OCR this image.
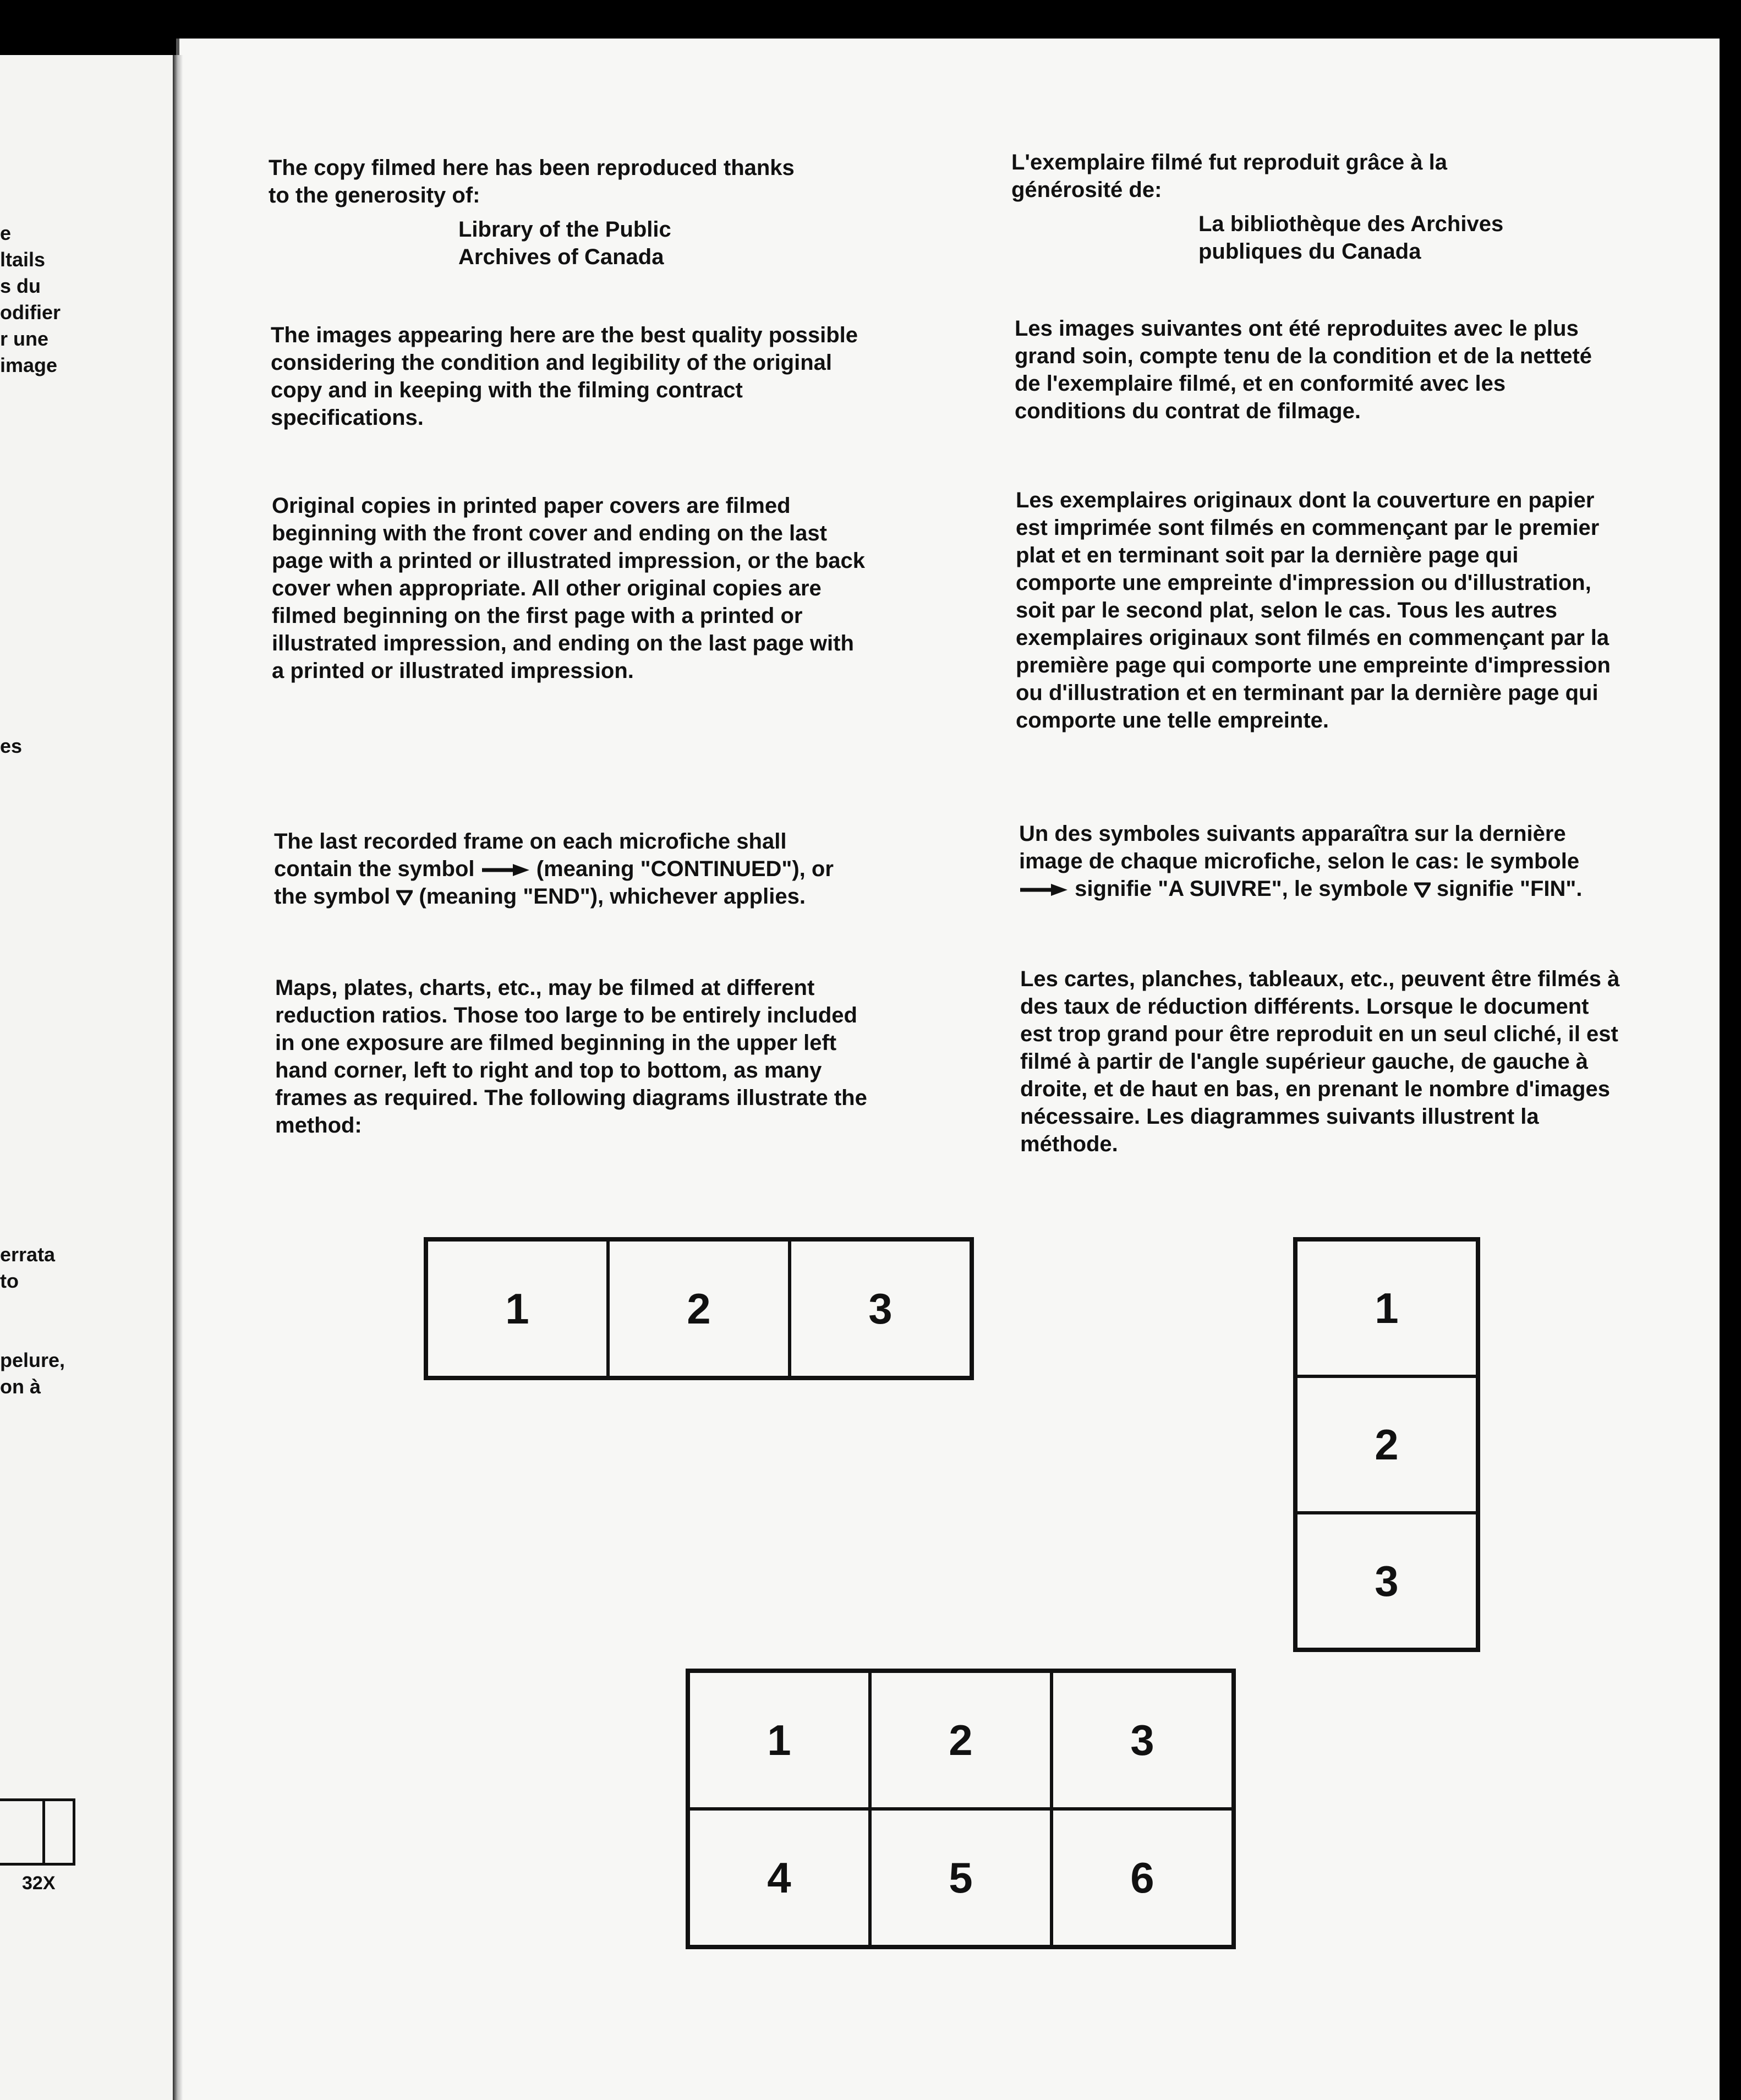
e
ltails
s du
odifier
r une
image
es
errata
to
pelure,
on à
32X

The copy filmed here has been reproduced thanks

to the generosity of:

Library of the Public

Archives of Canada

The images appearing here are the best quality possible considering the condition and legibility of the original copy and in keeping with the filming contract specifications.
Original copies in printed paper covers are filmed beginning with the front cover and ending on the last page with a printed or illustrated impression, or the back cover when appropriate. All other original copies are filmed beginning on the first page with a printed or illustrated impression, and ending on the last page with a printed or illustrated impression.
The last recorded frame on each microfiche shall contain the symbol	(meaning "CONTINUED"), or the symbol (meaning "END"), whichever applies.
Maps, plates, charts, etc., may be filmed at different reduction ratios. Those too large to be entirely included in one exposure are filmed beginning in the upper left hand corner, left to right and top to bottom, as many frames as required. The following diagrams illustrate the method:

L'exemplaire filmé fut reproduit grâce à la

générosité de:

La bibliothèque des Archives

publiques du Canada

Les images suivantes ont été reproduites avec le plus grand soin, compte tenu de la condition et de la netteté de l'exemplaire filmé, et en conformité avec les conditions du contrat de filmage.
Les exemplaires originaux dont la couverture en papier est imprimée sont filmés en commençant par le premier plat et en terminant soit par la dernière page qui comporte une empreinte d'impression ou d'illustration, soit par le second plat, selon le cas. Tous les autres exemplaires originaux sont filmés en commençant par la première page qui comporte une empreinte d'impression ou d'illustration et en terminant par la dernière page qui comporte une telle empreinte.
Un des symboles suivants apparaîtra sur la dernière image de chaque microfiche, selon le cas: le symbole  signifie "A SUIVRE", le symbole signifie "FIN".
Les cartes, planches, tableaux, etc., peuvent être filmés à des taux de réduction différents. Lorsque le document est trop grand pour être reproduit en un seul cliché, il est filmé à partir de l'angle supérieur gauche, de gauche à droite, et de haut en bas, en prenant le nombre d'images nécessaire. Les diagrammes suivants illustrent la méthode.
1	2	3	1
2
3
1	2	3
4	5	6
